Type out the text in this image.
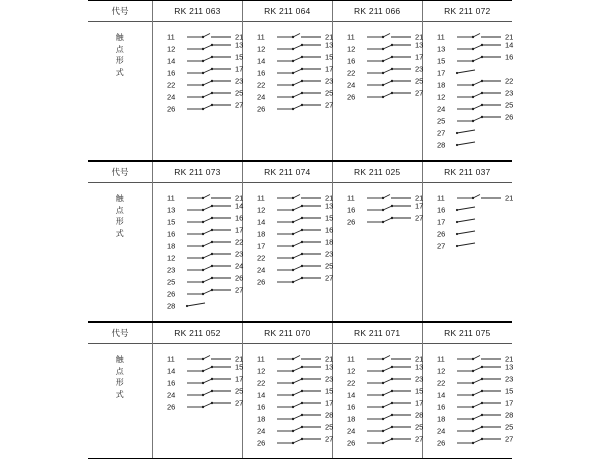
代号	RK 211 063	RK 211 064	RK 211 066	RK 211 072

触
点
形
式

11	21
12	13
14	15
16	17
22	23
24	25
26	27

11	21
12	13
14	15
16	17
22	23
24	25
26	27

11	21
12	13
16	17
22	23
24	25
26	27

11	21
13	14
15	16
17
18	22
12	23
24	25
25	26
27
28
代号	RK 211 073	RK 211 074	RK 211 025	RK 211 037

触
点
形
式

11	21
13	14
15	16
16	17
18	22
12	23
23	24
25	26
26	27
28

11	21
12	13
14	15
18	16
17	18
22	23
24	25
26	27

11	21
16	17
26	27

11	21
16
17
26
27
代号	RK 211 052	RK 211 070	RK 211 071	RK 211 075

触
点
形
式

11	21
14	15
16	17
24	25
26	27

11	21
12	13
22	23
14	15
16	17
18	28
24	25
26	27

11	21
12	13
22	23
14	15
16	17
18	28
24	25
26	27

11	21
12	13
22	23
14	15
16	17
18	28
24	25
26	27
